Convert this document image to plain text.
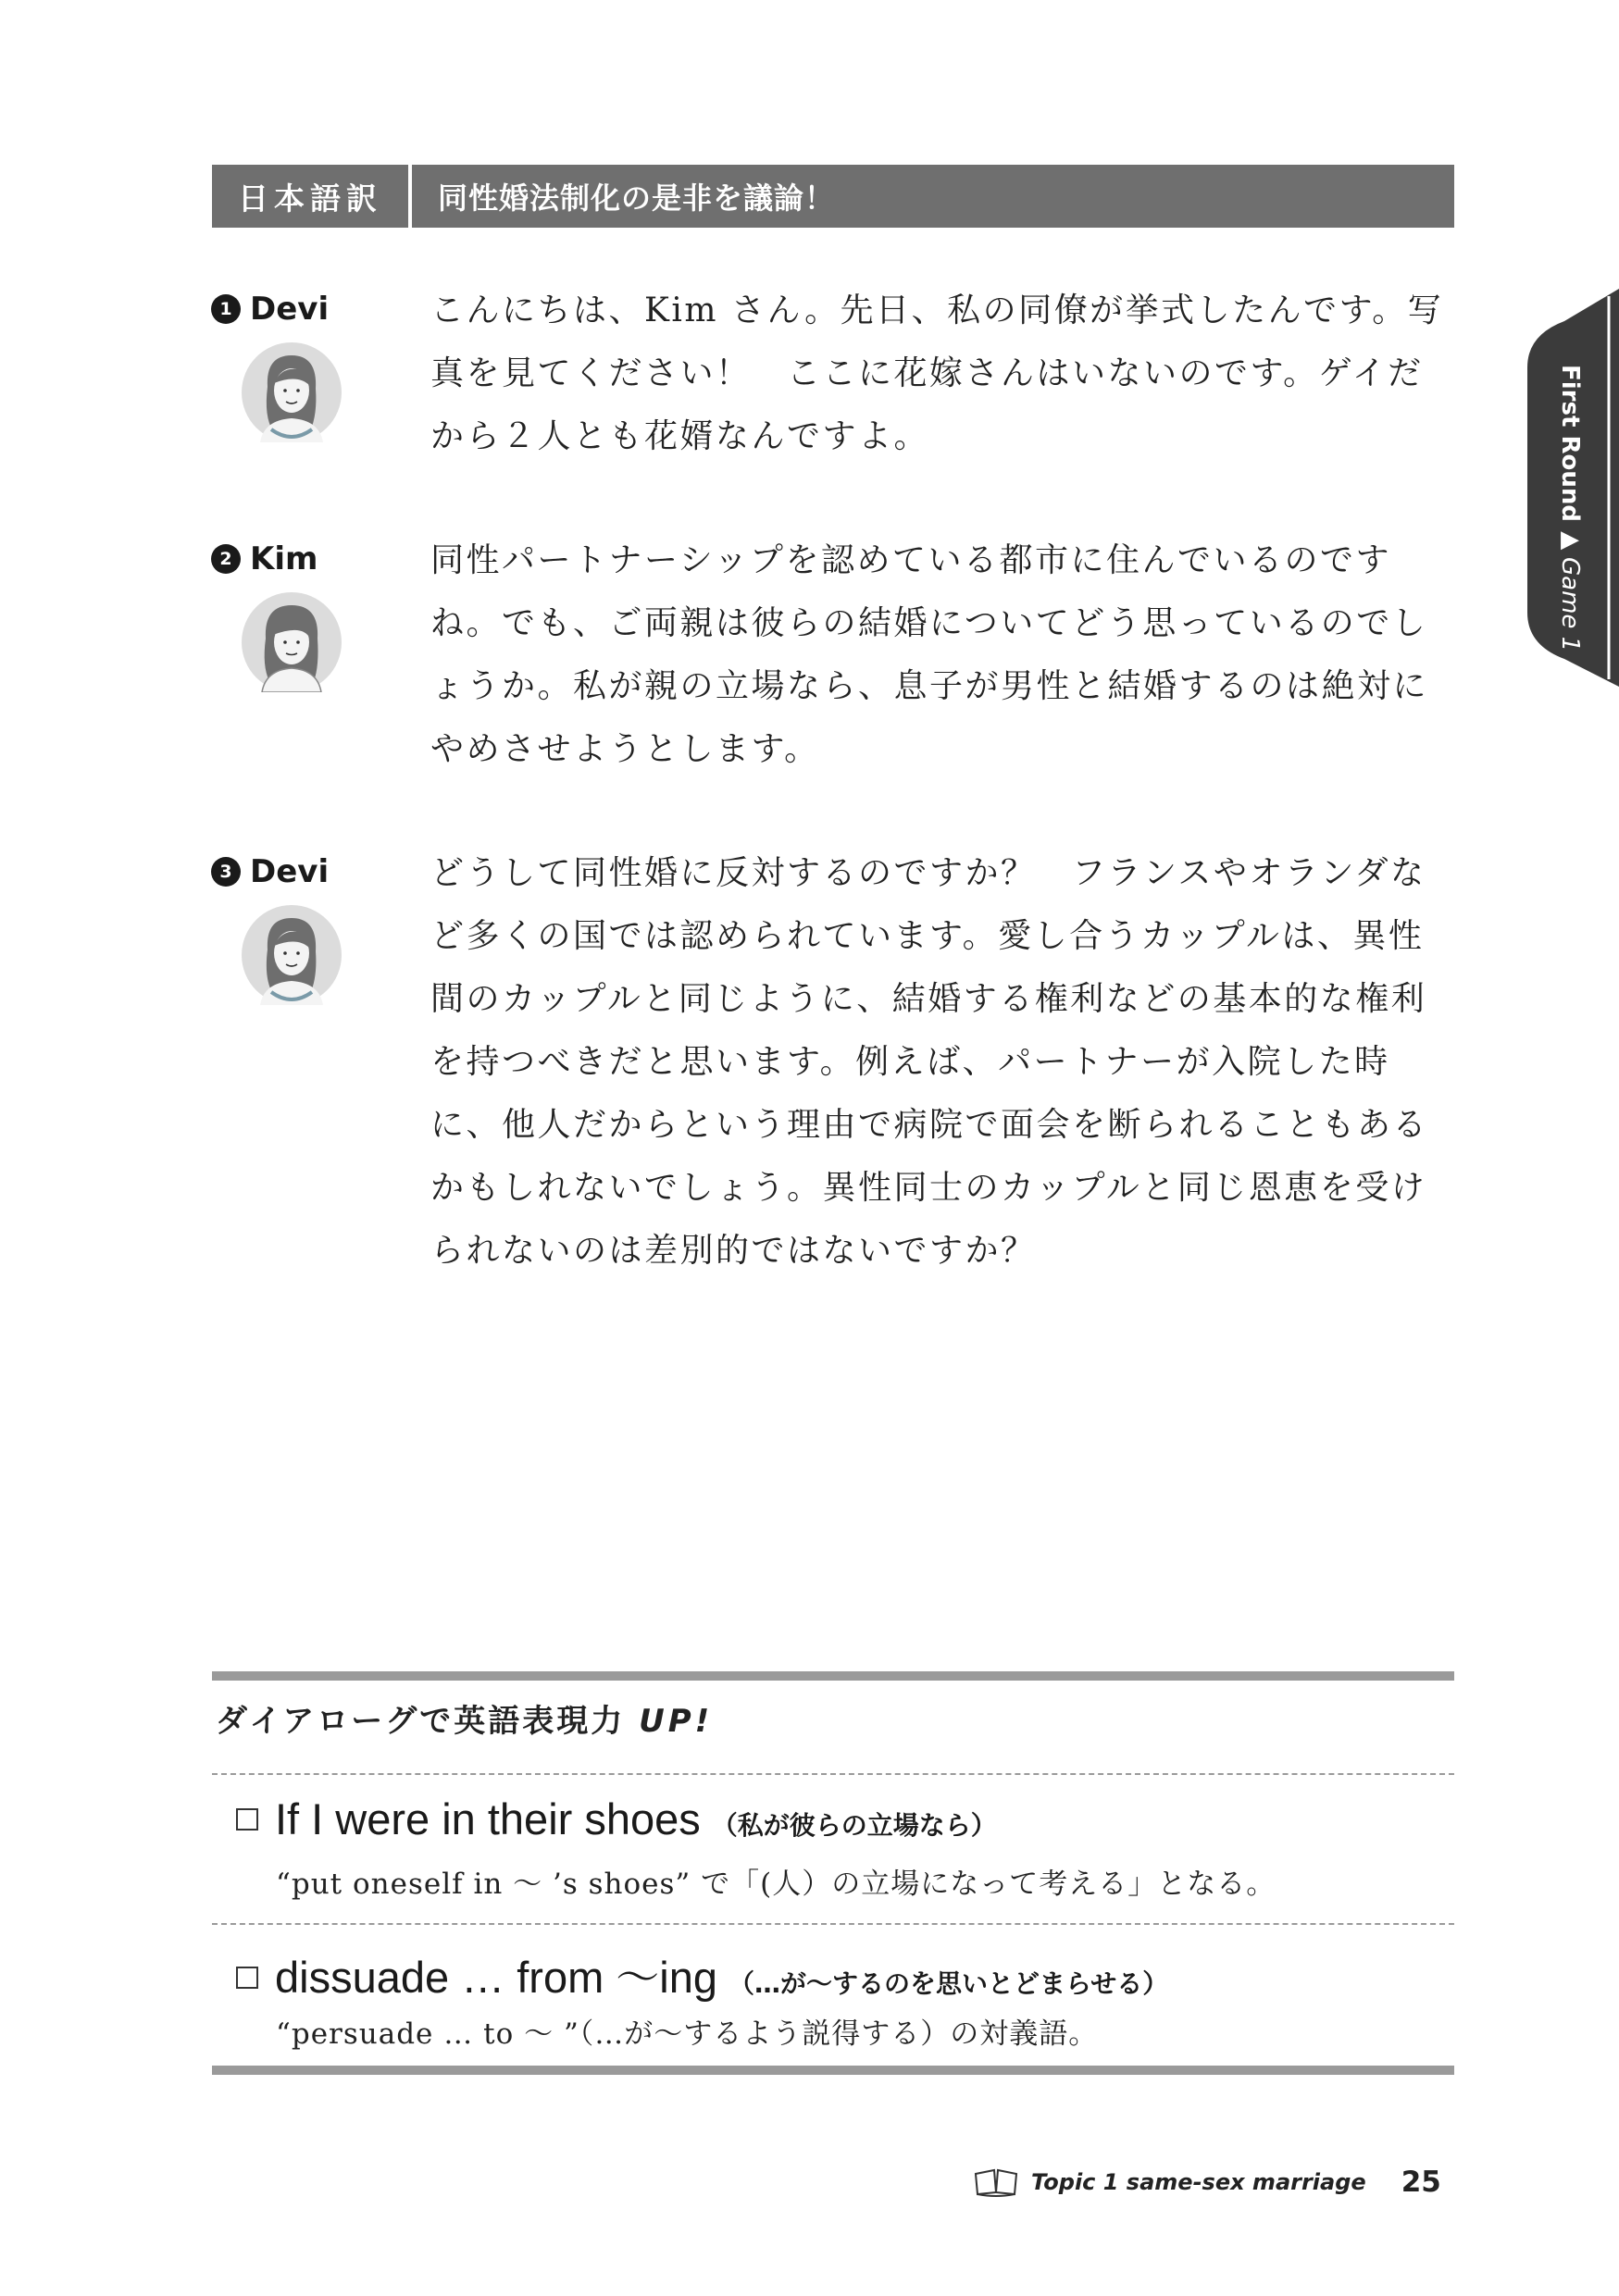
日本語訳	同性婚法制化の是非を議論！
First Round
▶
Game 1
1 Devi	こんにちは、Kim さん。先日、私の同僚が挙式したんです。写真を見てください！　ここに花嫁さんはいないのです。ゲイだから２人とも花婿なんですよ。

2 Kim	同性パートナーシップを認めている都市に住んでいるのですね。でも、ご両親は彼らの結婚についてどう思っているのでしょうか。私が親の立場なら、息子が男性と結婚するのは絶対にやめさせようとします。

3 Devi	どうして同性婚に反対するのですか？　フランスやオランダなど多くの国では認められています。愛し合うカップルは、異性間のカップルと同じように、結婚する権利などの基本的な権利を持つべきだと思います。例えば、パートナーが入院した時に、他人だからという理由で病院で面会を断られることもあるかもしれないでしょう。異性同士のカップルと同じ恩恵を受けられないのは差別的ではないですか？

ダイアローグで英語表現力 UP!
If I were in their shoes （私が彼らの立場なら）
“put oneself in ～ ’s shoes” で「(人）の立場になって考える」となる。
dissuade … from ～ing （…が～するのを思いとどまらせる）
“persuade … to ～ ”（…が～するよう説得する）の対義語。
Topic 1 same-sex marriage 25
